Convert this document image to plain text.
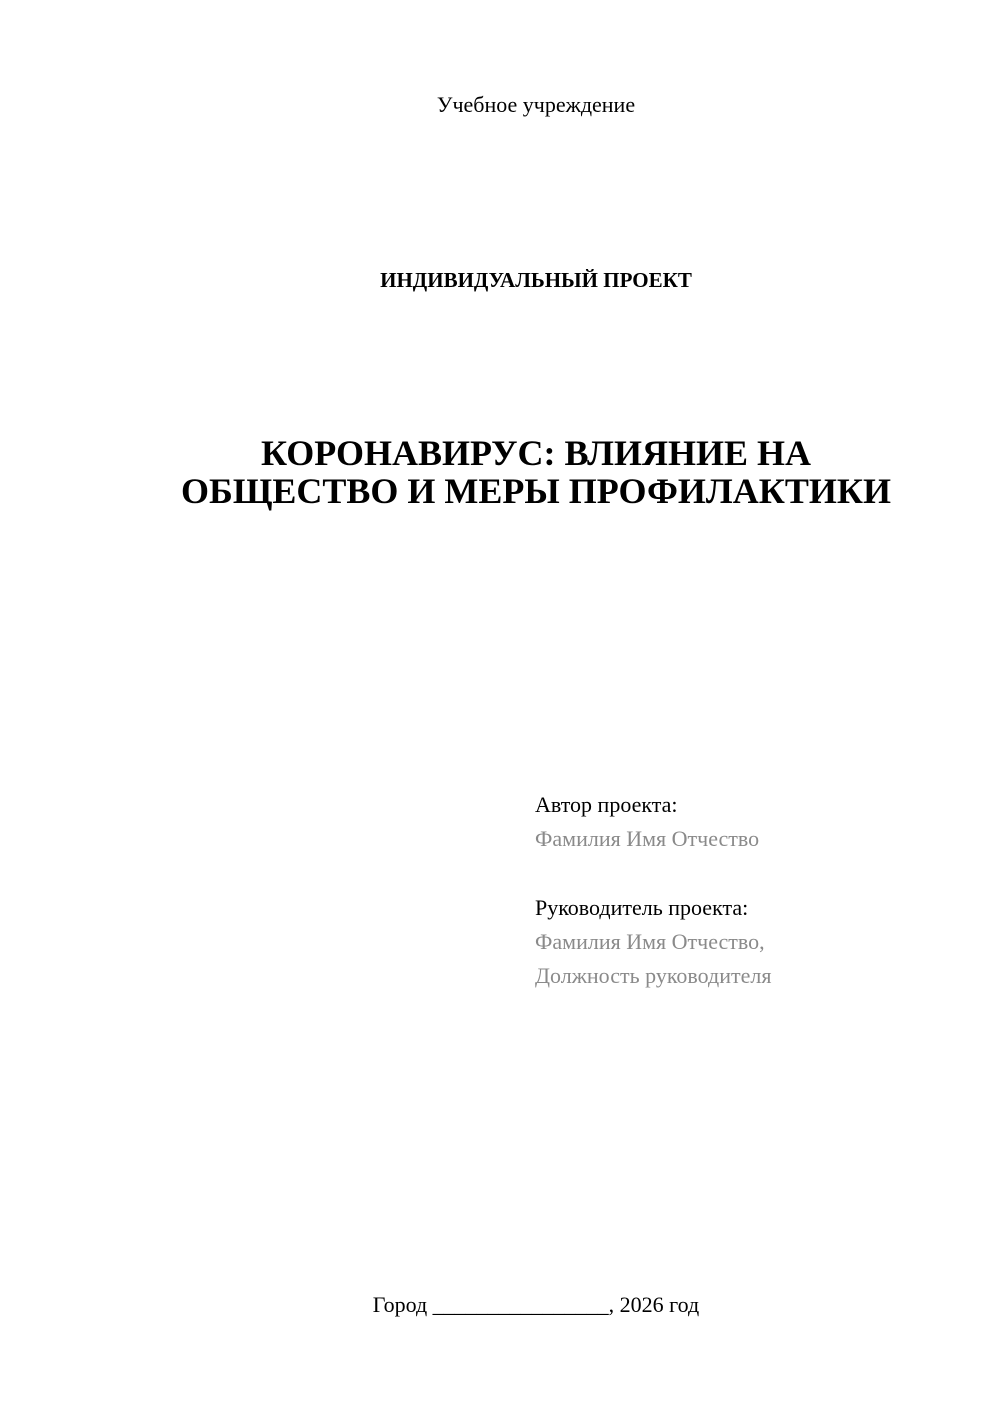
Учебное учреждение
ИНДИВИДУАЛЬНЫЙ ПРОЕКТ
КОРОНАВИРУС: ВЛИЯНИЕ НА
ОБЩЕСТВО И МЕРЫ ПРОФИЛАКТИКИ
Автор проекта:
Фамилия Имя Отчество
Руководитель проекта:
Фамилия Имя Отчество,
Должность руководителя
Город ________________, 2026 год
